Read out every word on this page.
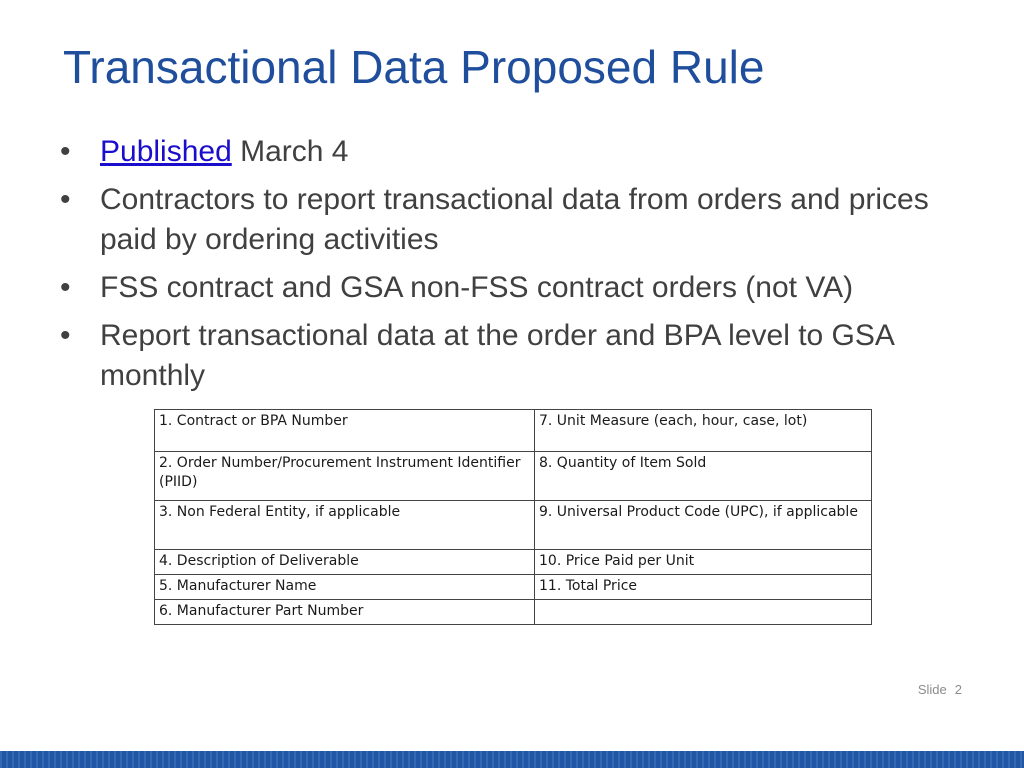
Transactional Data Proposed Rule
• Published March 4
• Contractors to report transactional data from orders and prices paid by ordering activities
• FSS contract and GSA non-FSS contract orders (not VA)
• Report transactional data at the order and BPA level to GSA monthly
1. Contract or BPA Number	7. Unit Measure (each, hour, case, lot)
2. Order Number/Procurement Instrument Identifier (PIID)	8. Quantity of Item Sold
3. Non Federal Entity, if applicable	9. Universal Product Code (UPC), if applicable
4. Description of Deliverable	10. Price Paid per Unit
5. Manufacturer Name	11. Total Price
6. Manufacturer Part Number	
Slide 2
